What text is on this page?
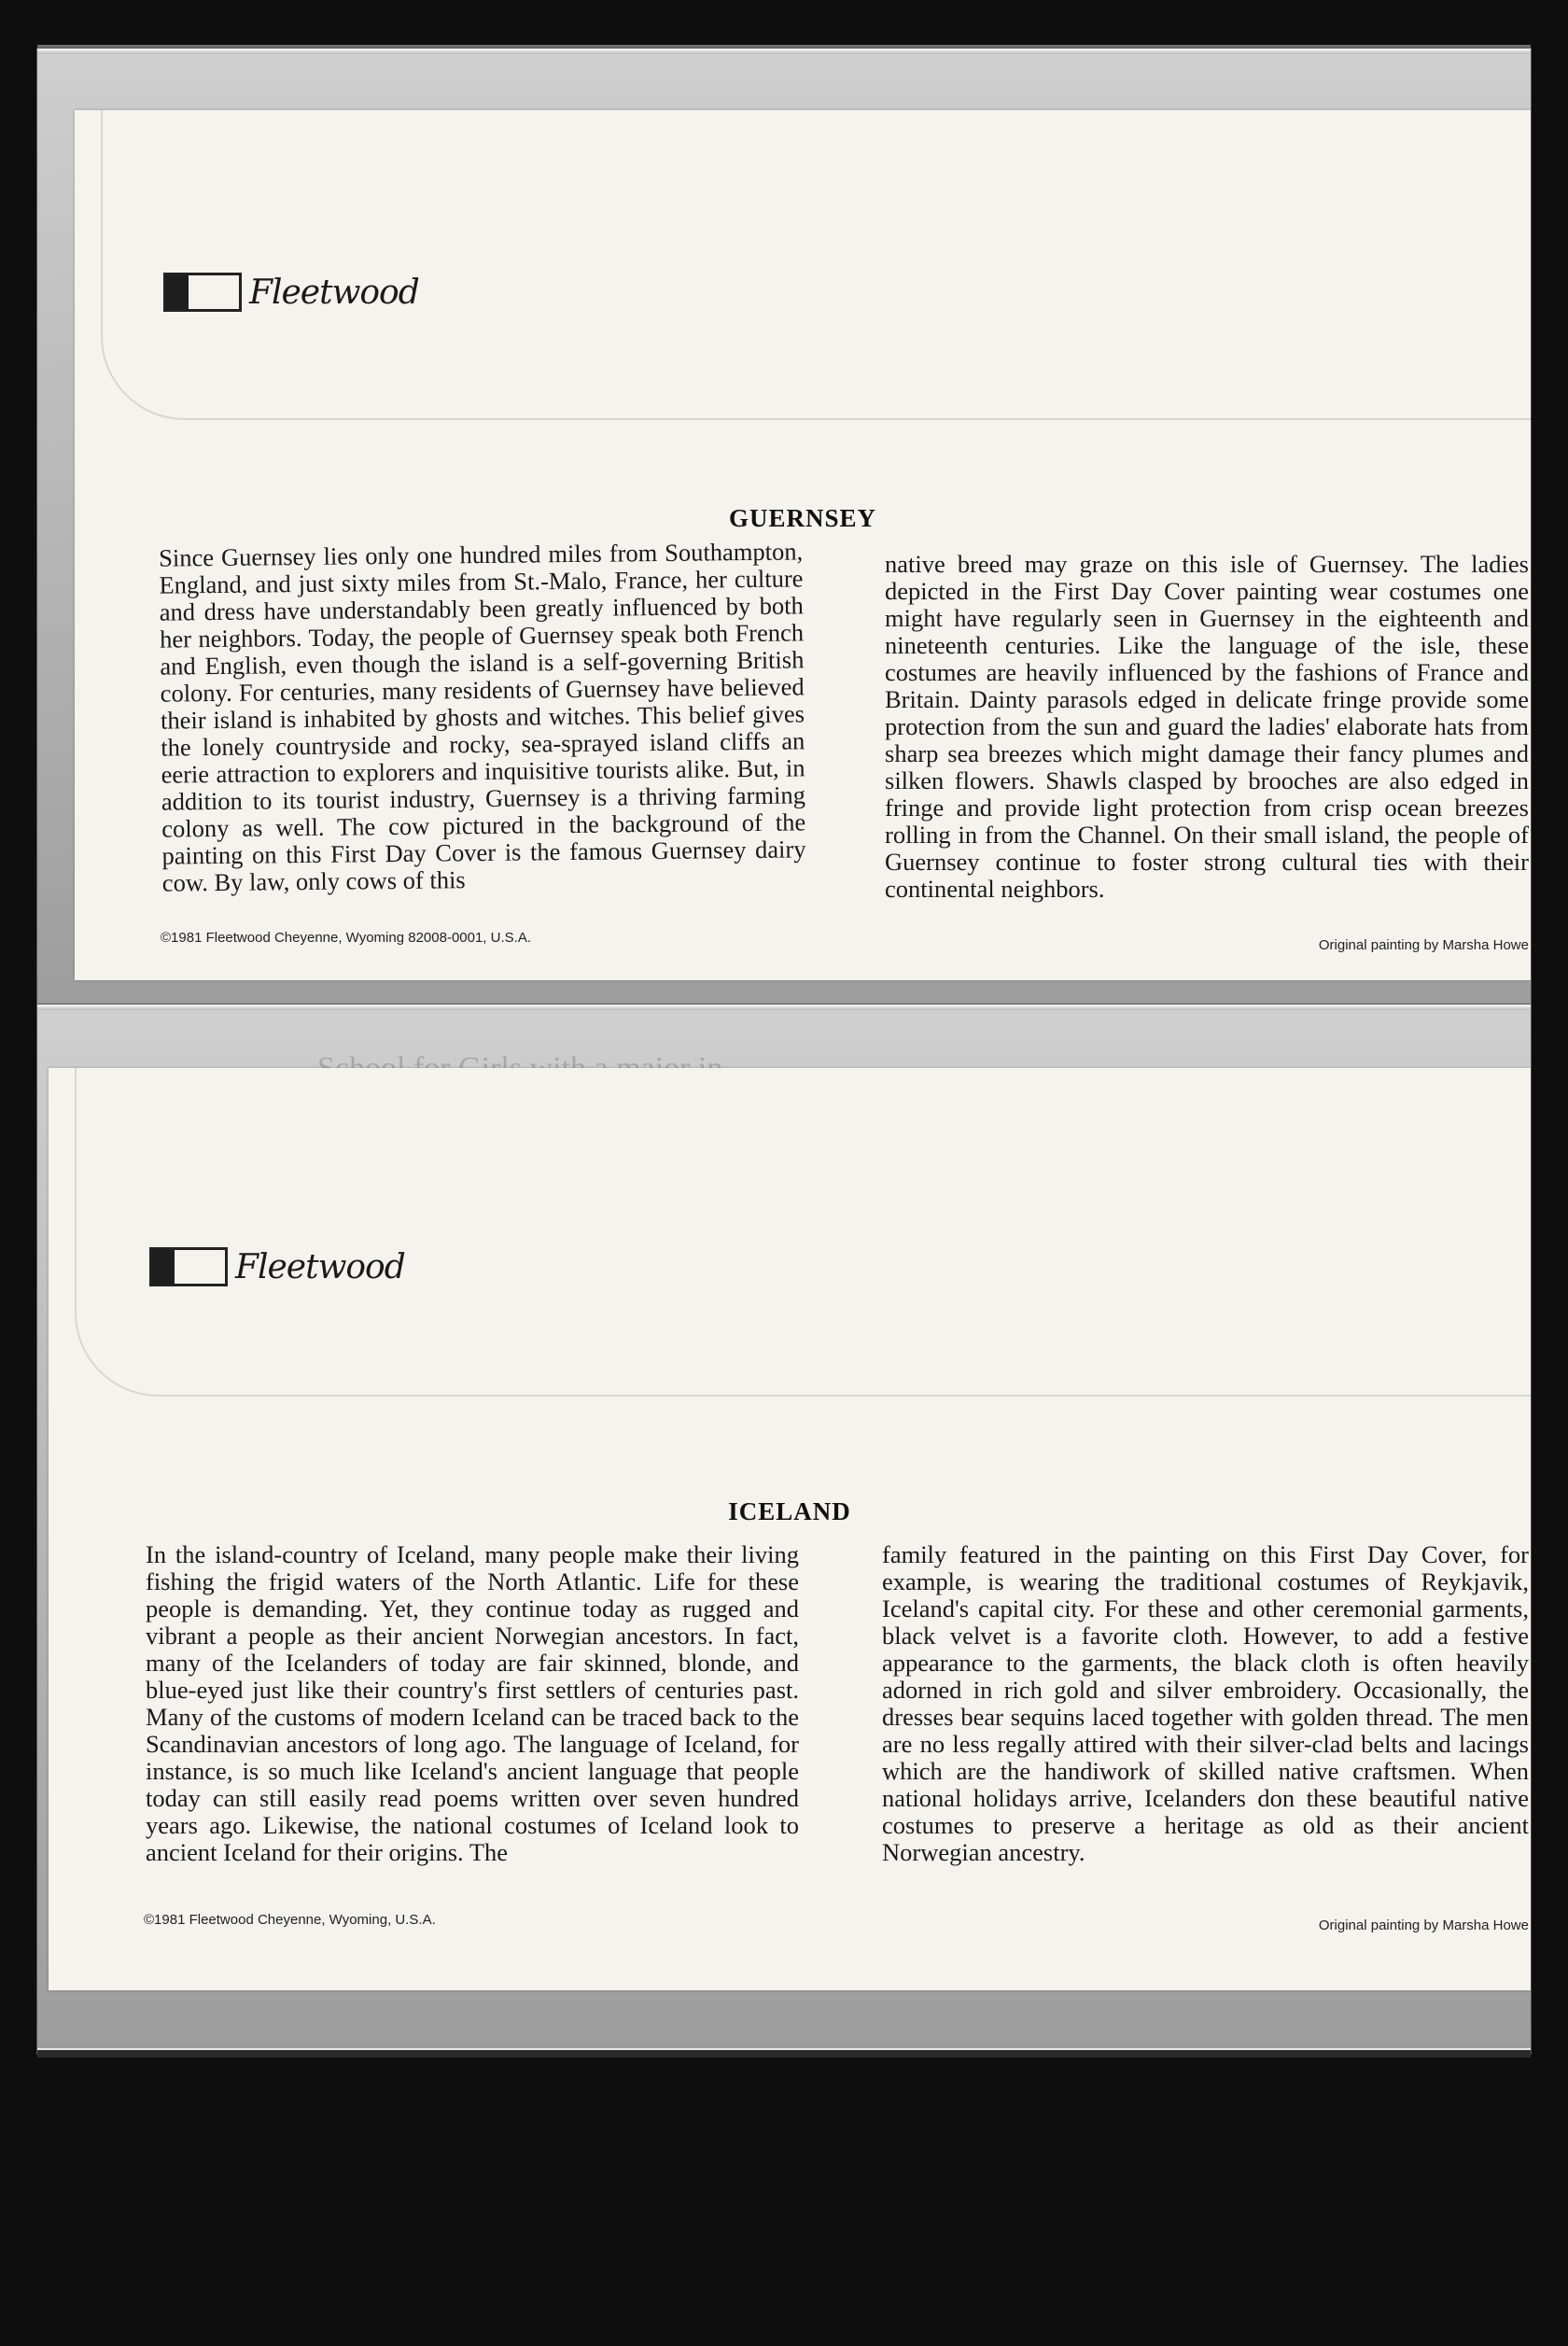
Fleetwood
GUERNSEY
Since Guernsey lies only one hundred miles from Southampton, England, and just sixty miles from St.-Malo, France, her culture and dress have understandably been greatly influenced by both her neighbors. Today, the people of Guernsey speak both French and English, even though the island is a self-governing British colony. For centuries, many residents of Guernsey have believed their island is inhabited by ghosts and witches. This belief gives the lonely countryside and rocky, sea-sprayed island cliffs an eerie attraction to explorers and inquisitive tourists alike. But, in addition to its tourist industry, Guernsey is a thriving farming colony as well. The cow pictured in the background of the painting on this First Day Cover is the famous Guernsey dairy cow. By law, only cows of this
native breed may graze on this isle of Guernsey. The ladies depicted in the First Day Cover painting wear costumes one might have regularly seen in Guernsey in the eighteenth and nineteenth centuries. Like the language of the isle, these costumes are heavily influenced by the fashions of France and Britain. Dainty parasols edged in delicate fringe provide some protection from the sun and guard the ladies' elaborate hats from sharp sea breezes which might damage their fancy plumes and silken flowers. Shawls clasped by brooches are also edged in fringe and provide light protection from crisp ocean breezes rolling in from the Channel. On their small island, the people of Guernsey continue to foster strong cultural ties with their continental neighbors.
©1981 Fleetwood Cheyenne, Wyoming 82008-0001, U.S.A.	Original painting by Marsha Howe
Fleetwood
ICELAND
In the island-country of Iceland, many people make their living fishing the frigid waters of the North Atlantic. Life for these people is demanding. Yet, they continue today as rugged and vibrant a people as their ancient Norwegian ancestors. In fact, many of the Icelanders of today are fair skinned, blonde, and blue-eyed just like their country's first settlers of centuries past. Many of the customs of modern Iceland can be traced back to the Scandinavian ancestors of long ago. The language of Iceland, for instance, is so much like Iceland's ancient language that people today can still easily read poems written over seven hundred years ago. Likewise, the national costumes of Iceland look to ancient Iceland for their origins. The
family featured in the painting on this First Day Cover, for example, is wearing the traditional costumes of Reykjavik, Iceland's capital city. For these and other ceremonial garments, black velvet is a favorite cloth. However, to add a festive appearance to the garments, the black cloth is often heavily adorned in rich gold and silver embroidery. Occasionally, the dresses bear sequins laced together with golden thread. The men are no less regally attired with their silver-clad belts and lacings which are the handiwork of skilled native craftsmen. When national holidays arrive, Icelanders don these beautiful native costumes to preserve a heritage as old as their ancient Norwegian ancestry.
©1981 Fleetwood Cheyenne, Wyoming, U.S.A.	Original painting by Marsha Howe
